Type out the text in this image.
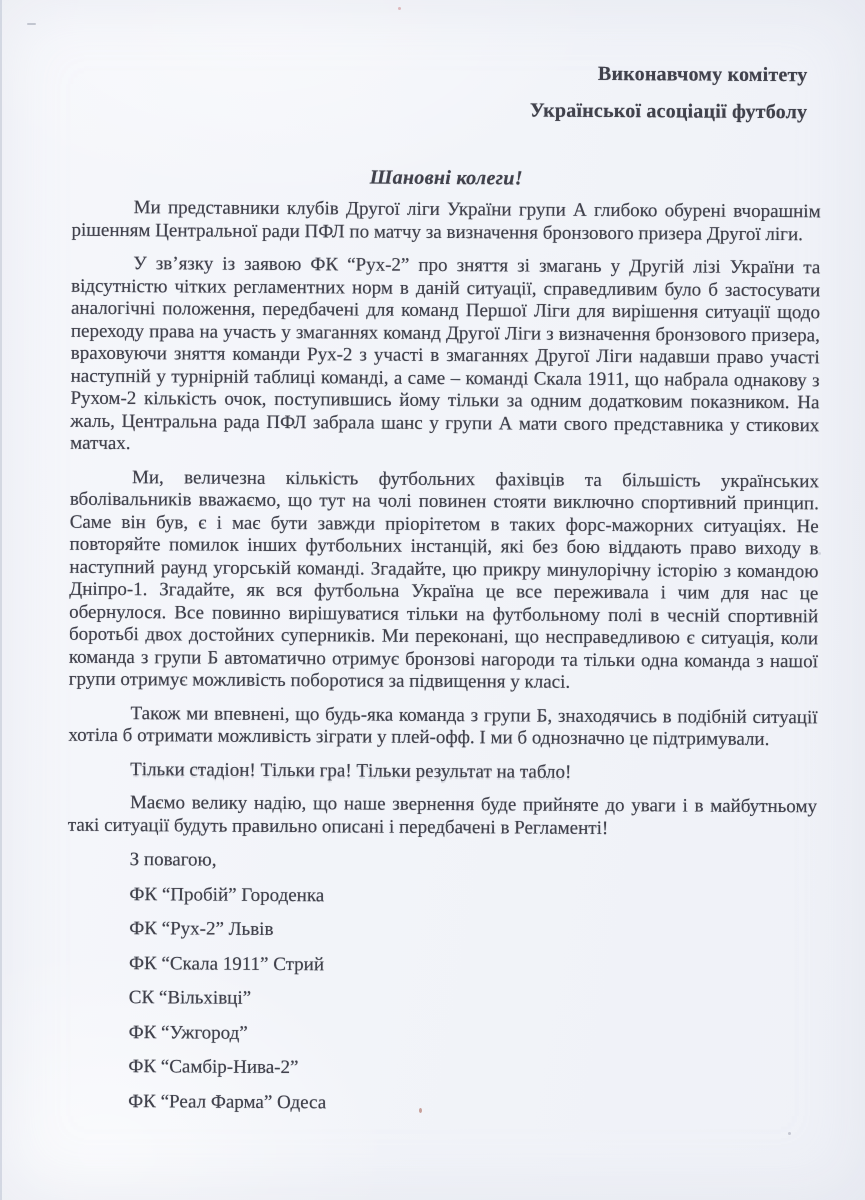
Виконавчому комітету
Української асоціації футболу
Шановні колеги!

Ми представники клубів Другої ліги України групи А глибоко обурені вчорашнім рішенням Центральної ради ПФЛ по матчу за визначення бронзового призера Другої ліги.

У зв’язку із заявою ФК “Рух-2” про зняття зі змагань у Другій лізі України та відсутністю чітких регламентних норм в даній ситуації, справедливим було б застосувати аналогічні положення, передбачені для команд Першої Ліги для вирішення ситуації щодо переходу права на участь у змаганнях команд Другої Ліги з визначення бронзового призера, враховуючи зняття команди Рух-2 з участі в змаганнях Другої Ліги надавши право участі наступній у турнірній таблиці команді, а саме – команді Скала 1911, що набрала однакову з Рухом-2 кількість очок, поступившись йому тільки за одним додатковим показником. На жаль, Центральна рада ПФЛ забрала шанс у групи А мати свого представника у стикових матчах.

Ми, величезна кількість футбольних фахівців та більшість українських вболівальників вважаємо, що тут на чолі повинен стояти виключно спортивний принцип. Саме він був, є і має бути завжди пріорітетом в таких форс-мажорних ситуаціях. Не повторяйте помилок інших футбольних інстанцій, які без бою віддають право виходу в наступний раунд угорській команді. Згадайте, цю прикру минулорічну історію з командою Дніпро-1. Згадайте, як вся футбольна Україна це все переживала і чим для нас це обернулося. Все повинно вирішуватися тільки на футбольному полі в чесній спортивній боротьбі двох достойних суперників. Ми переконані, що несправедливою є ситуація, коли команда з групи Б автоматично отримує бронзові нагороди та тільки одна команда з нашої групи отримує можливість поборотися за підвищення у класі.

Також ми впевнені, що будь-яка команда з групи Б, знаходячись в подібній ситуації хотіла б отримати можливість зіграти у плей-офф. І ми б однозначно це підтримували.

Тільки стадіон! Тільки гра! Тільки результат на табло!

Маємо велику надію, що наше звернення буде прийняте до уваги і в майбутньому такі ситуації будуть правильно описані і передбачені в Регламенті!

З повагою,

ФК “Пробій” Городенка
ФК “Рух-2” Львів
ФК “Скала 1911” Стрий
СК “Вільхівці”
ФК “Ужгород”
ФК “Самбір-Нива-2”
ФК “Реал Фарма” Одеса
